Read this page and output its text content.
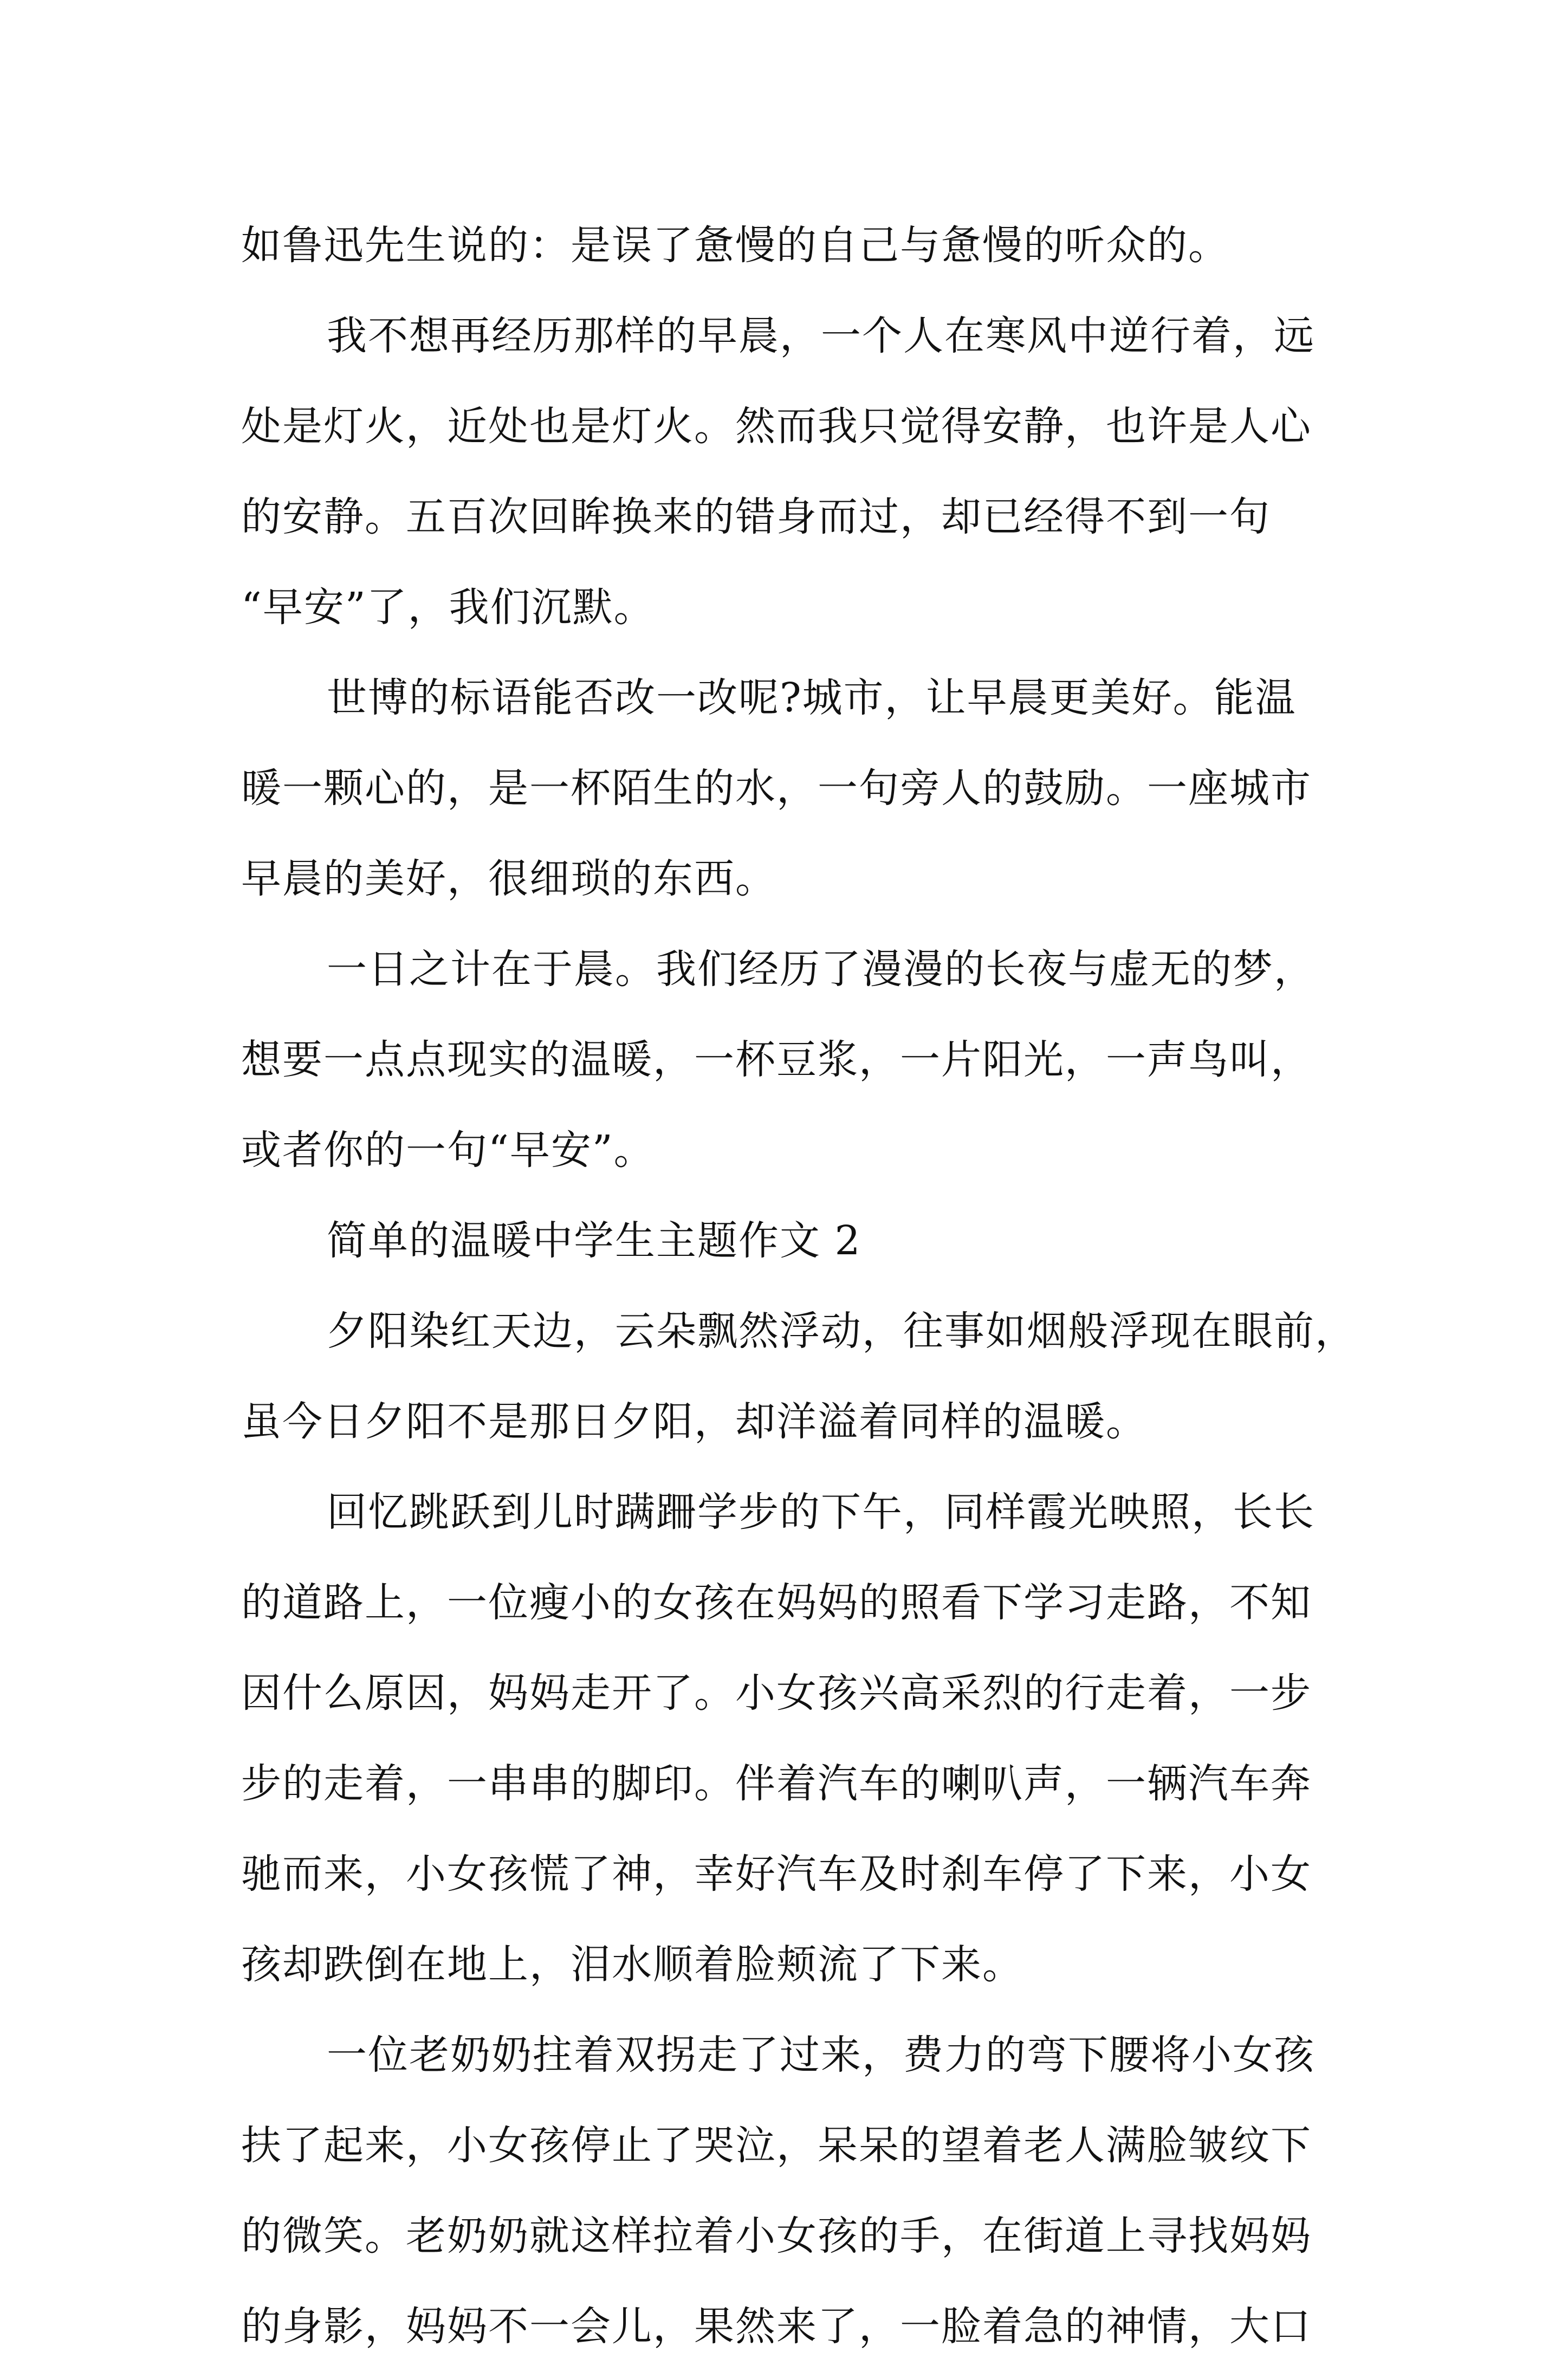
如鲁迅先生说的：是误了惫慢的自己与惫慢的听众的。
我不想再经历那样的早晨，一个人在寒风中逆行着，远
处是灯火，近处也是灯火。然而我只觉得安静，也许是人心
的安静。五百次回眸换来的错身而过，却已经得不到一句
“早安”了，我们沉默。
世博的标语能否改一改呢?城市，让早晨更美好。能温
暖一颗心的，是一杯陌生的水，一句旁人的鼓励。一座城市
早晨的美好，很细琐的东西。
一日之计在于晨。我们经历了漫漫的长夜与虚无的梦，
想要一点点现实的温暖，一杯豆浆，一片阳光，一声鸟叫，
或者你的一句“早安”。
简单的温暖中学生主题作文 2
夕阳染红天边，云朵飘然浮动，往事如烟般浮现在眼前，
虽今日夕阳不是那日夕阳，却洋溢着同样的温暖。
回忆跳跃到儿时蹒跚学步的下午，同样霞光映照，长长
的道路上，一位瘦小的女孩在妈妈的照看下学习走路，不知
因什么原因，妈妈走开了。小女孩兴高采烈的行走着，一步
步的走着，一串串的脚印。伴着汽车的喇叭声，一辆汽车奔
驰而来，小女孩慌了神，幸好汽车及时刹车停了下来，小女
孩却跌倒在地上，泪水顺着脸颊流了下来。
一位老奶奶拄着双拐走了过来，费力的弯下腰将小女孩
扶了起来，小女孩停止了哭泣，呆呆的望着老人满脸皱纹下
的微笑。老奶奶就这样拉着小女孩的手，在街道上寻找妈妈
的身影，妈妈不一会儿，果然来了，一脸着急的神情，大口
